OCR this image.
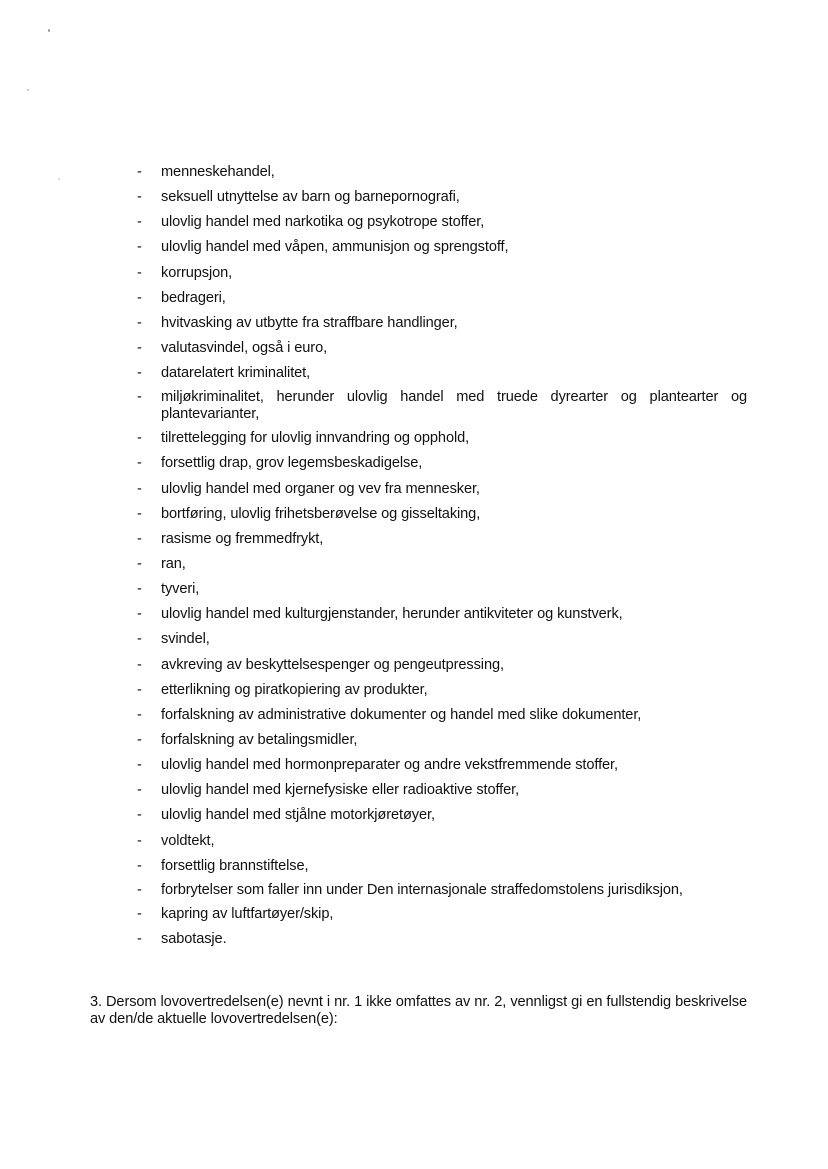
- menneskehandel,
- seksuell utnyttelse av barn og barnepornografi,
- ulovlig handel med narkotika og psykotrope stoffer,
- ulovlig handel med våpen, ammunisjon og sprengstoff,
- korrupsjon,
- bedrageri,
- hvitvasking av utbytte fra straffbare handlinger,
- valutasvindel, også i euro,
- datarelatert kriminalitet,
- miljøkriminalitet, herunder ulovlig handel med truede dyrearter og plantearter og plantevarianter,
- tilrettelegging for ulovlig innvandring og opphold,
- forsettlig drap, grov legemsbeskadigelse,
- ulovlig handel med organer og vev fra mennesker,
- bortføring, ulovlig frihetsberøvelse og gisseltaking,
- rasisme og fremmedfrykt,
- ran,
- tyveri,
- ulovlig handel med kulturgjenstander, herunder antikviteter og kunstverk,
- svindel,
- avkreving av beskyttelsespenger og pengeutpressing,
- etterlikning og piratkopiering av produkter,
- forfalskning av administrative dokumenter og handel med slike dokumenter,
- forfalskning av betalingsmidler,
- ulovlig handel med hormonpreparater og andre vekstfremmende stoffer,
- ulovlig handel med kjernefysiske eller radioaktive stoffer,
- ulovlig handel med stjålne motorkjøretøyer,
- voldtekt,
- forsettlig brannstiftelse,
- forbrytelser som faller inn under Den internasjonale straffedomstolens jurisdiksjon,
- kapring av luftfartøyer/skip,
- sabotasje.

3. Dersom lovovertredelsen(e) nevnt i nr. 1 ikke omfattes av nr. 2, vennligst gi en fullstendig beskrivelse av den/de aktuelle lovovertredelsen(e):
